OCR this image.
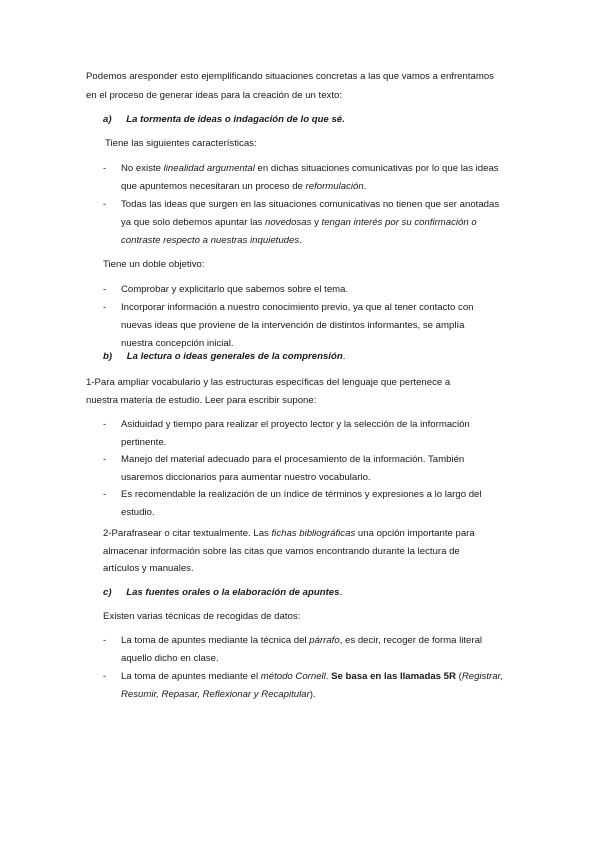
Podemos aresponder esto ejemplificando situaciones concretas a las que vamos a enfrentamos
en el proceso de generar ideas para la creación de un texto:
a) La tormenta de ideas o indagación de lo que sé.
Tiene las siguientes características:
- No existe linealidad argumental en dichas situaciones comunicativas por lo que las ideas
que apuntemos necesitaran un proceso de reformulación.
- Todas las ideas que surgen en las situaciones comunicativas no tienen que ser anotadas
ya que solo debemos apuntar las novedosas y tengan interés por su confirmación o
contraste respecto a nuestras inquietudes.
Tiene un doble objetivo:
- Comprobar y explicitarlo que sabemos sobre el tema.
- Incorporar información a nuestro conocimiento previo, ya que al tener contacto con
nuevas ideas que proviene de la intervención de distintos informantes, se amplía
nuestra concepción inicial.
b) La lectura o ideas generales de la comprensión.
1-Para ampliar vocabulario y las estructuras específicas del lenguaje que pertenece a
nuestra materia de estudio. Leer para escribir supone:
- Asiduidad y tiempo para realizar el proyecto lector y la selección de la información
pertinente.
- Manejo del material adecuado para el procesamiento de la información. También
usaremos diccionarios para aumentar nuestro vocabulario.
- Es recomendable la realización de un índice de términos y expresiones a lo largo del
estudio.
2-Parafrasear o citar textualmente. Las fichas bibliográficas una opción importante para
almacenar información sobre las citas que vamos encontrando durante la lectura de
artículos y manuales.
c) Las fuentes orales o la elaboración de apuntes.
Existen varias técnicas de recogidas de datos:
- La toma de apuntes mediante la técnica del párrafo, es decir, recoger de forma literal
aquello dicho en clase.
- La toma de apuntes mediante el método Cornell. Se basa en las llamadas 5R (Registrar,
Resumir, Repasar, Reflexionar y Recapitular).
